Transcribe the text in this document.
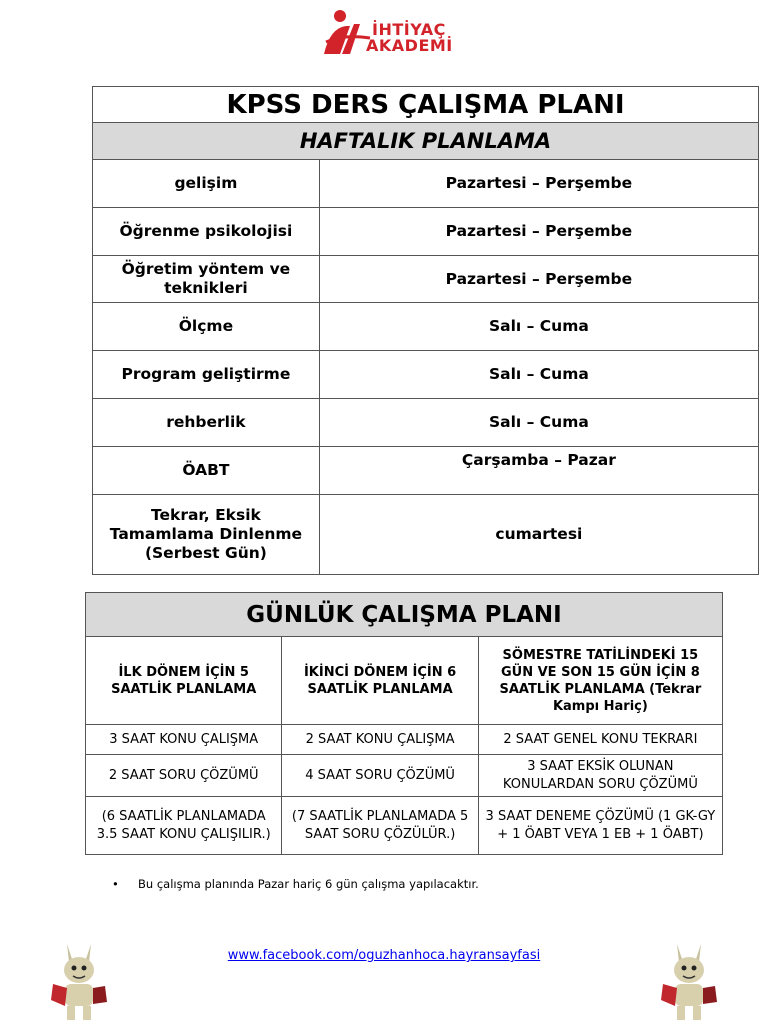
İHTİYAÇ
AKADEMİ
KPSS DERS ÇALIŞMA PLANI	
HAFTALIK PLANLAMA	
gelişim	Pazartesi – Perşembe
Öğrenme psikolojisi	Pazartesi – Perşembe
Öğretim yöntem ve teknikleri	Pazartesi – Perşembe
Ölçme	Salı – Cuma
Program geliştirme	Salı – Cuma
rehberlik	Salı – Cuma
ÖABT	Çarşamba – Pazar
Tekrar, Eksik Tamamlama Dinlenme (Serbest Gün)	cumartesi
GÜNLÜK ÇALIŞMA PLANI		
İLK DÖNEM İÇİN 5 SAATLİK PLANLAMA	İKİNCİ DÖNEM İÇİN 6 SAATLİK PLANLAMA	SÖMESTRE TATİLİNDEKİ 15 GÜN VE SON 15 GÜN İÇİN 8 SAATLİK PLANLAMA (Tekrar Kampı Hariç)
3 SAAT KONU ÇALIŞMA	2 SAAT KONU ÇALIŞMA	2 SAAT GENEL KONU TEKRARI
2 SAAT SORU ÇÖZÜMÜ	4 SAAT SORU ÇÖZÜMÜ	3 SAAT EKSİK OLUNAN KONULARDAN SORU ÇÖZÜMÜ
(6 SAATLİK PLANLAMADA 3.5 SAAT KONU ÇALIŞILIR.)	(7 SAATLİK PLANLAMADA 5 SAAT SORU ÇÖZÜLÜR.)	3 SAAT DENEME ÇÖZÜMÜ (1 GK-GY + 1 ÖABT VEYA 1 EB + 1 ÖABT)
• Bu çalışma planında Pazar hariç 6 gün çalışma yapılacaktır.
www.facebook.com/oguzhanhoca.hayransayfasi
